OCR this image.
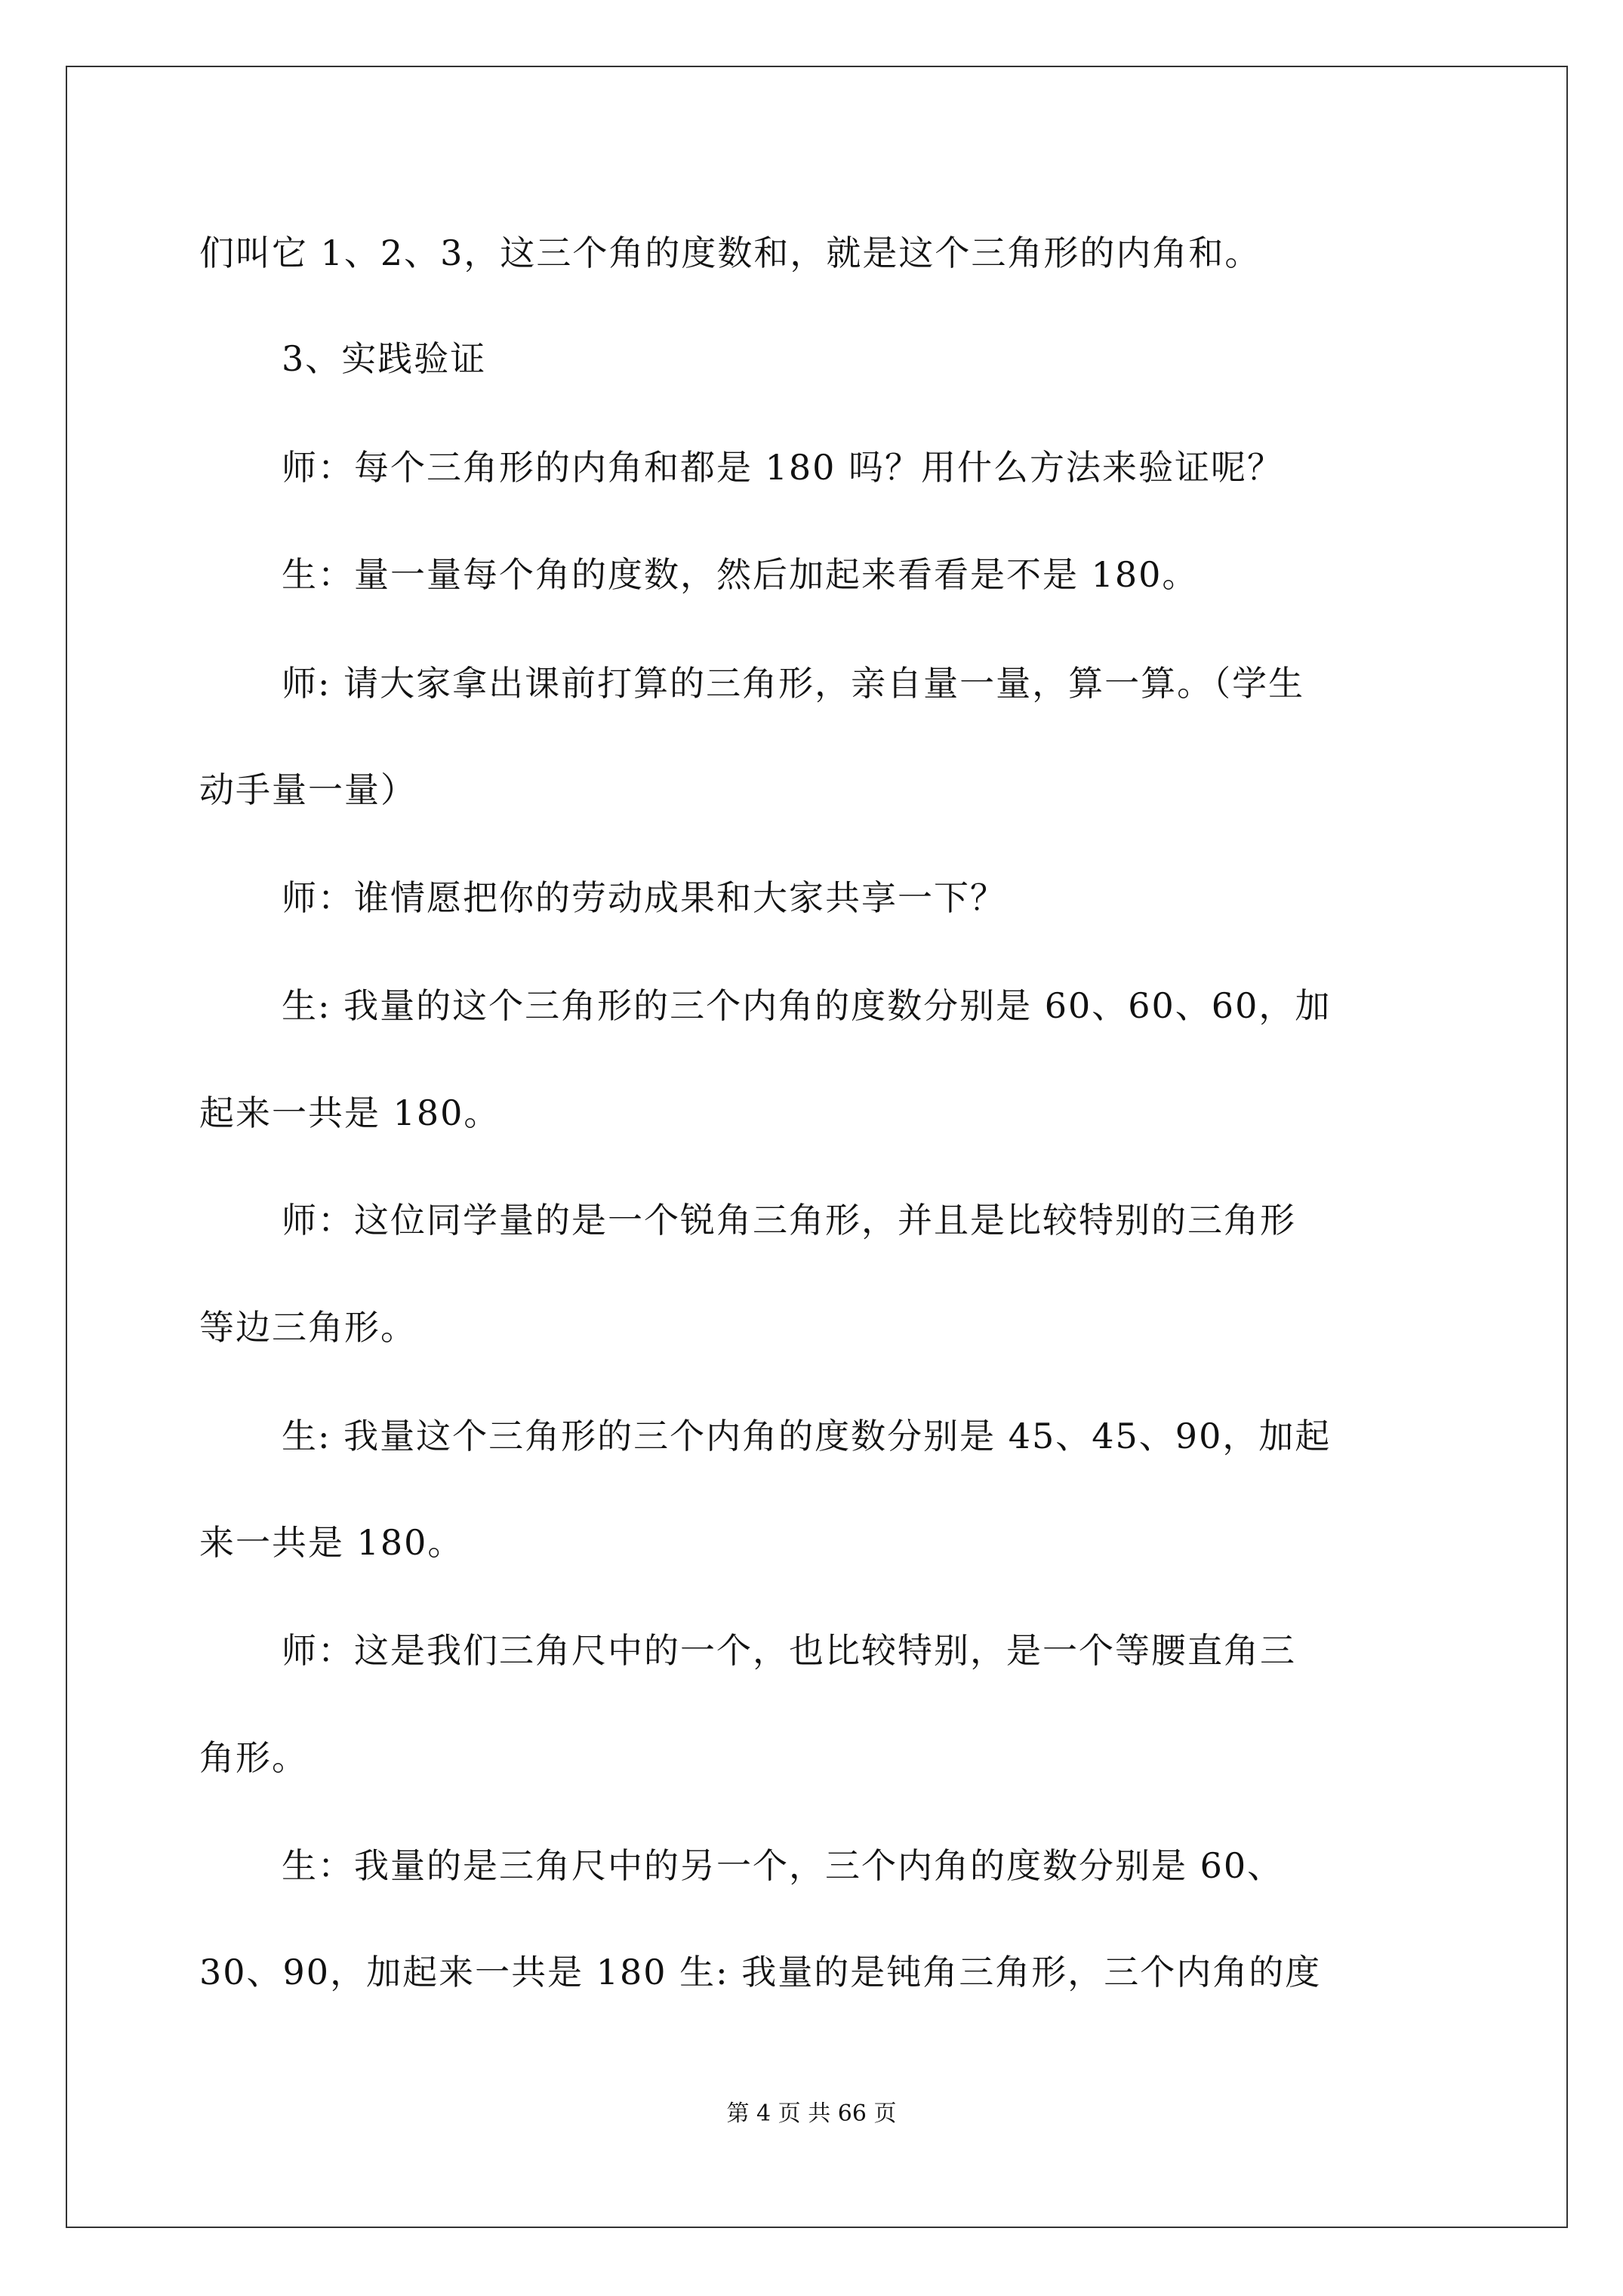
们叫它 1、2、3，这三个角的度数和，就是这个三角形的内角和。
3、实践验证
师：每个三角形的内角和都是 180 吗？用什么方法来验证呢？
生：量一量每个角的度数，然后加起来看看是不是 180。
师: 请大家拿出课前打算的三角形，亲自量一量，算一算。（学生
动手量一量）
师：谁情愿把你的劳动成果和大家共享一下？
生: 我量的这个三角形的三个内角的度数分别是 60、60、60，加
起来一共是 180。
师：这位同学量的是一个锐角三角形，并且是比较特别的三角形
等边三角形。
生: 我量这个三角形的三个内角的度数分别是 45、45、90，加起
来一共是 180。
师：这是我们三角尺中的一个，也比较特别，是一个等腰直角三
角形。
生：我量的是三角尺中的另一个，三个内角的度数分别是 60、
30、90，加起来一共是 180 生: 我量的是钝角三角形，三个内角的度
第 4 页 共 66 页
